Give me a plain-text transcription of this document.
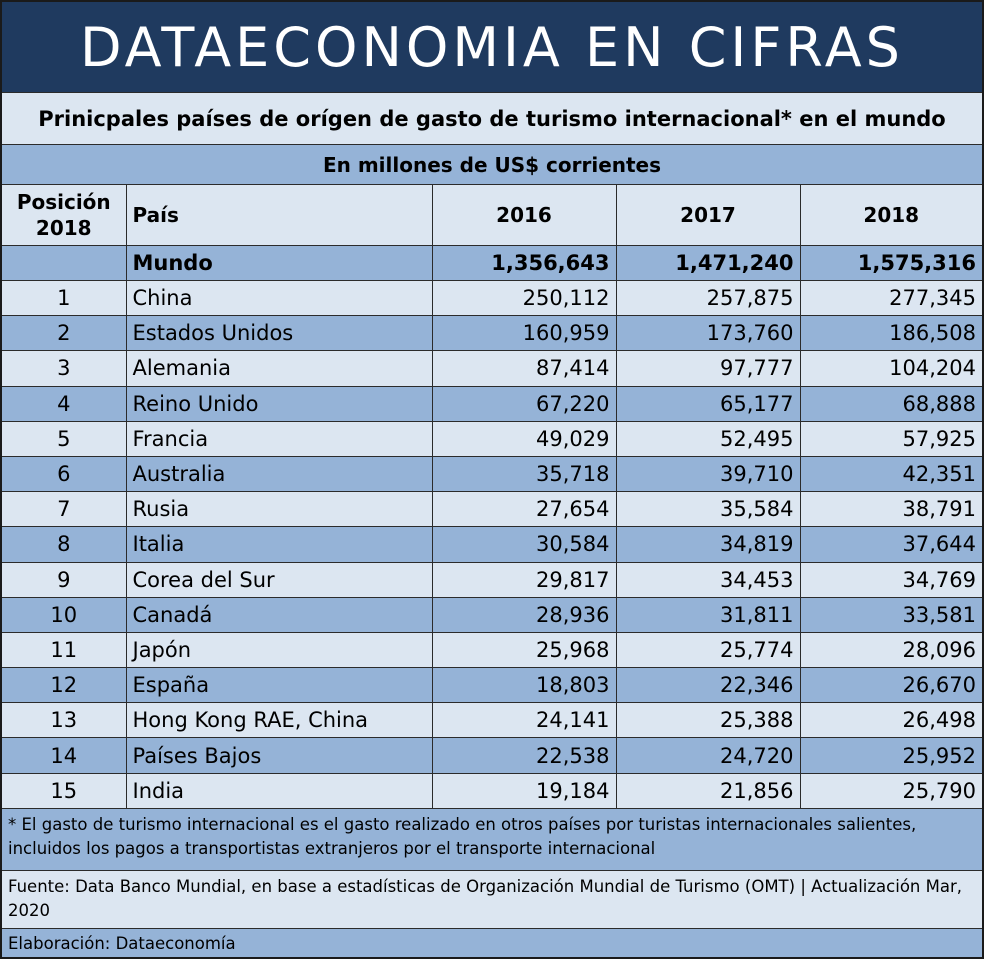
DATAECONOMIA EN CIFRAS
Prinicpales países de orígen de gasto de turismo internacional* en el mundo
En millones de US$ corrientes
Posición
2018	País	2016	2017	2018
	Mundo	1,356,643	1,471,240	1,575,316
1	China	250,112	257,875	277,345
2	Estados Unidos	160,959	173,760	186,508
3	Alemania	87,414	97,777	104,204
4	Reino Unido	67,220	65,177	68,888
5	Francia	49,029	52,495	57,925
6	Australia	35,718	39,710	42,351
7	Rusia	27,654	35,584	38,791
8	Italia	30,584	34,819	37,644
9	Corea del Sur	29,817	34,453	34,769
10	Canadá	28,936	31,811	33,581
11	Japón	25,968	25,774	28,096
12	España	18,803	22,346	26,670
13	Hong Kong RAE, China	24,141	25,388	26,498
14	Países Bajos	22,538	24,720	25,952
15	India	19,184	21,856	25,790
* El gasto de turismo internacional es el gasto realizado en otros países por turistas internacionales salientes, incluidos los pagos a transportistas extranjeros por el transporte internacional
Fuente: Data Banco Mundial, en base a estadísticas de Organización Mundial de Turismo (OMT) | Actualización Mar, 2020
Elaboración: Dataeconomía
